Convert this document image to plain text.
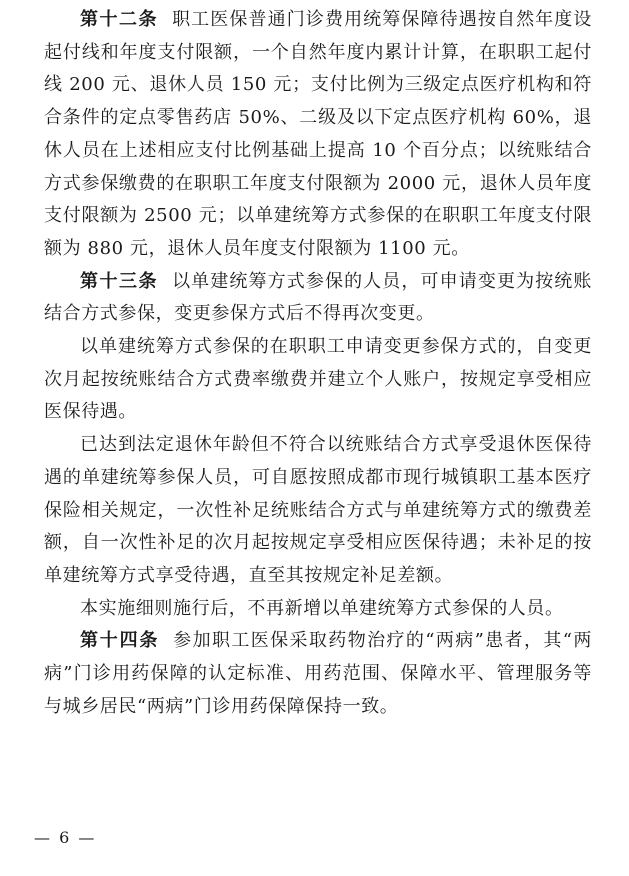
第十二条 职工医保普通门诊费用统筹保障待遇按自然年度设起付线和年度支付限额，一个自然年度内累计计算，在职职工起付线 200 元、退休人员 150 元；支付比例为三级定点医疗机构和符合条件的定点零售药店 50%、二级及以下定点医疗机构 60%，退休人员在上述相应支付比例基础上提高 10 个百分点；以统账结合方式参保缴费的在职职工年度支付限额为 2000 元，退休人员年度支付限额为 2500 元；以单建统筹方式参保的在职职工年度支付限额为 880 元，退休人员年度支付限额为 1100 元。

第十三条 以单建统筹方式参保的人员，可申请变更为按统账结合方式参保，变更参保方式后不得再次变更。

以单建统筹方式参保的在职职工申请变更参保方式的，自变更次月起按统账结合方式费率缴费并建立个人账户，按规定享受相应医保待遇。

已达到法定退休年龄但不符合以统账结合方式享受退休医保待遇的单建统筹参保人员，可自愿按照成都市现行城镇职工基本医疗保险相关规定，一次性补足统账结合方式与单建统筹方式的缴费差额，自一次性补足的次月起按规定享受相应医保待遇；未补足的按单建统筹方式享受待遇，直至其按规定补足差额。

本实施细则施行后，不再新增以单建统筹方式参保的人员。

第十四条 参加职工医保采取药物治疗的“两病”患者，其“两病”门诊用药保障的认定标准、用药范围、保障水平、管理服务等与城乡居民“两病”门诊用药保障保持一致。

— 6 —
